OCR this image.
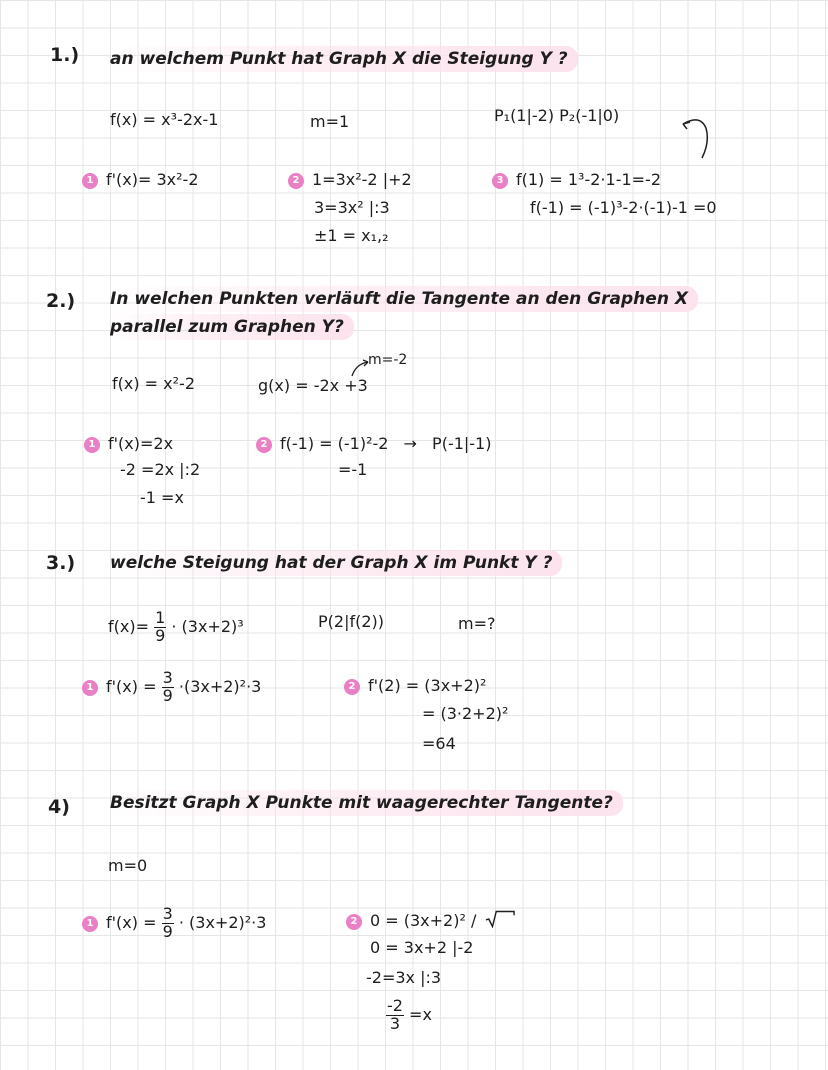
1.)	an welchem Punkt hat Graph X die Steigung Y ?
f(x) = x³-2x-1	m=1	P₁(1|-2) P₂(-1|0)
1 f'(x)= 3x²-2	2 1=3x²-2 |+2
3=3x² |:3
±1 = x₁,₂
3 f(1) = 1³-2·1-1=-2
f(-1) = (-1)³-2·(-1)-1 =0
2.)	In welchen Punkten verläuft die Tangente an den Graphen X
parallel zum Graphen Y?
f(x) = x²-2
m=-2
g(x) = -2x +3
1 f'(x)=2x
-2 =2x |:2
-1 =x
2 f(-1) = (-1)²-2 → P(-1|-1)
=-1
3.)	welche Steigung hat der Graph X im Punkt Y ?
$f(x)= \frac{1}{9} \cdot (3x+2)^3$	P(2|f(2))	m=?
1 $f'(x) = \frac{3}{9} \cdot(3x+2)^2\cdot 3$	2 f'(2) = (3x+2)²
= (3·2+2)²
=64
4)	Besitzt Graph X Punkte mit waagerechter Tangente?
m=0
1 $f'(x) = \frac{3}{9} \cdot (3x+2)^2\cdot 3$	2 0 = (3x+2)² /
0 = 3x+2 |-2
-2=3x |:3
$\frac{-2}{3} =x$
